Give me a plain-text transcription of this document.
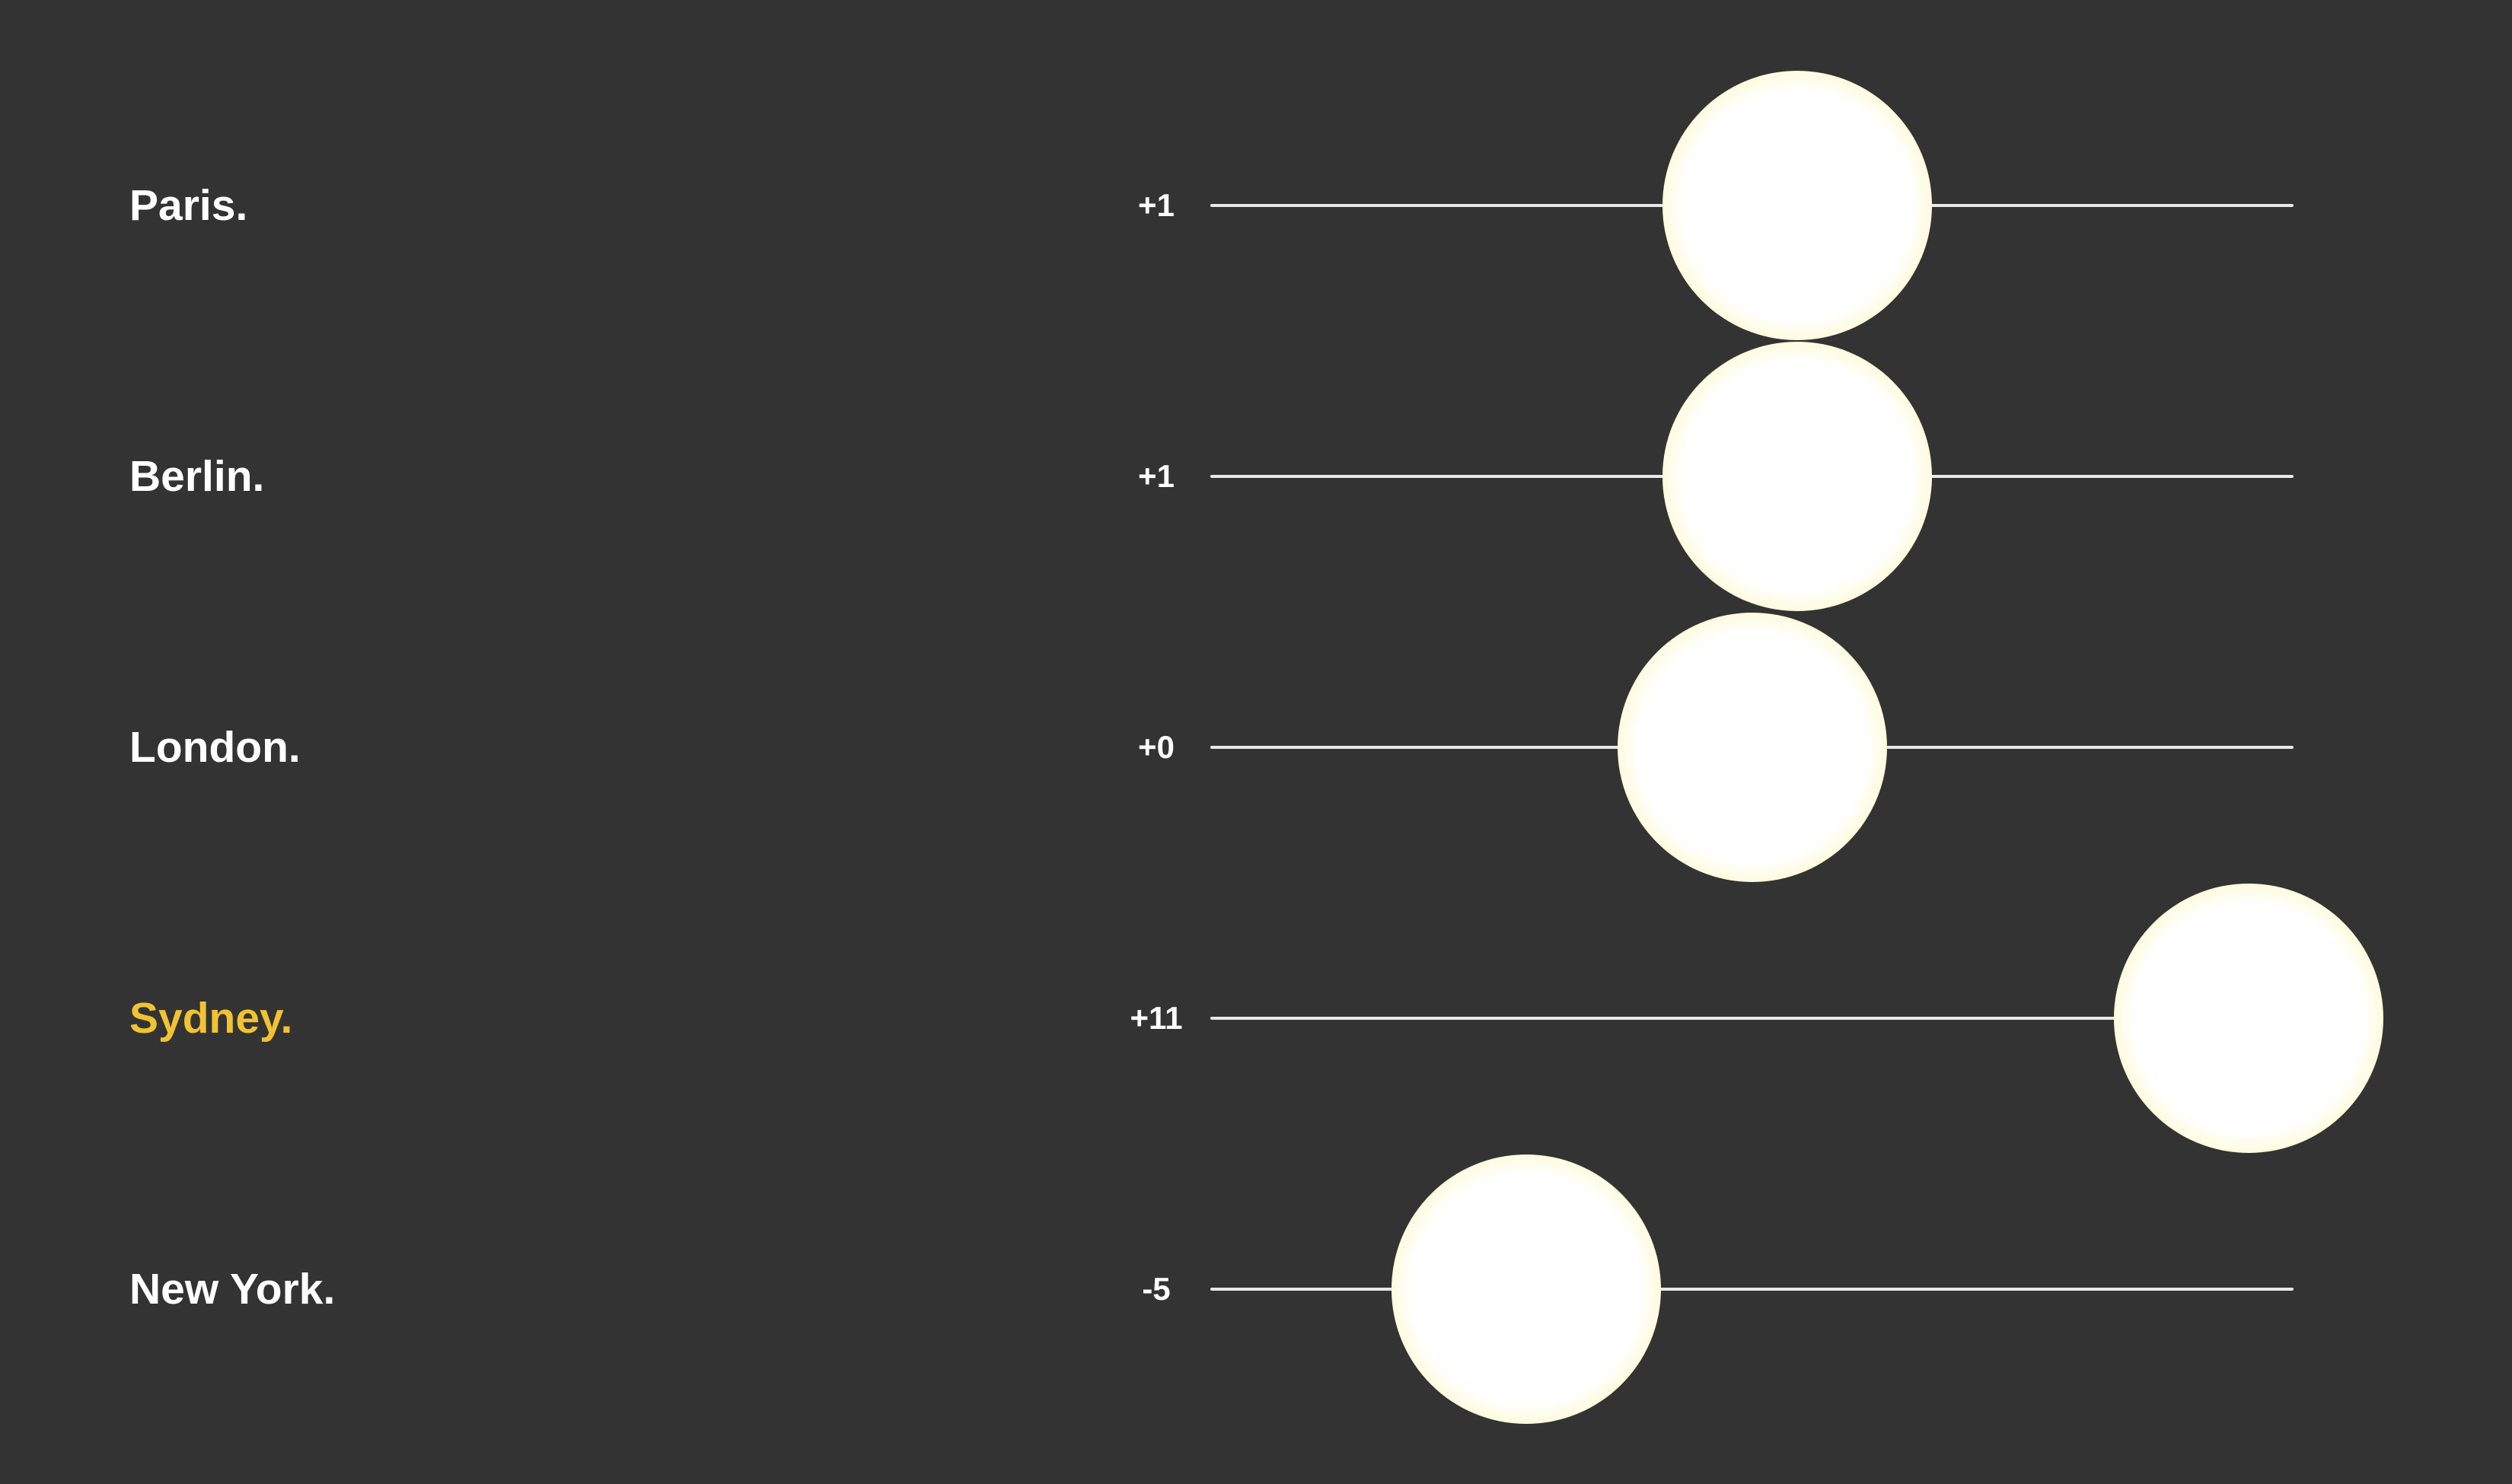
Paris.	+1
Berlin.	+1
London.	+0
Sydney.	+11
New York.	-5
